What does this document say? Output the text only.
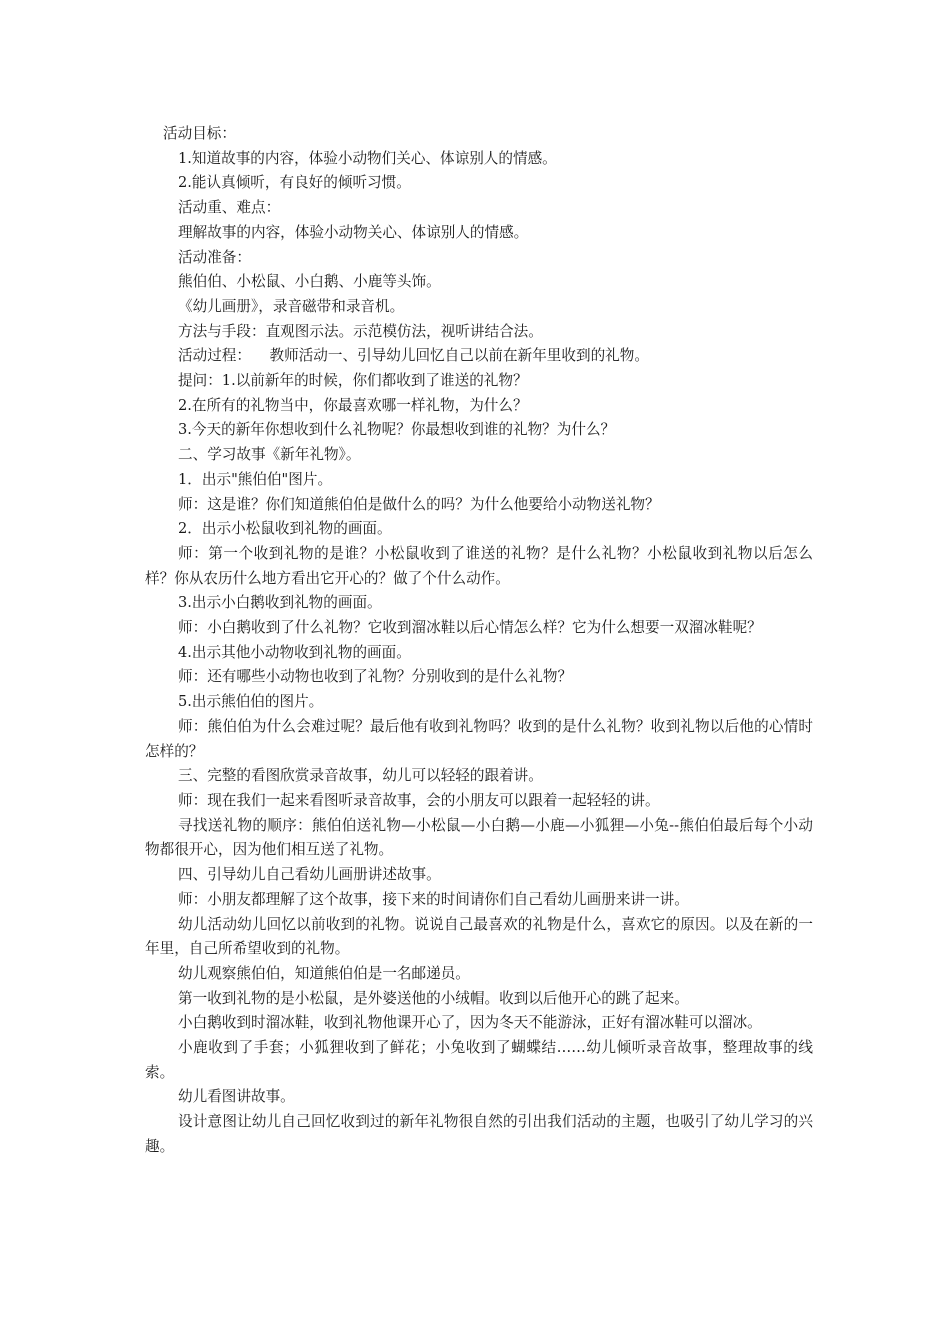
活动目标：

1.知道故事的内容，体验小动物们关心、体谅别人的情感。

2.能认真倾听，有良好的倾听习惯。

活动重、难点：

理解故事的内容，体验小动物关心、体谅别人的情感。

活动准备：

熊伯伯、小松鼠、小白鹅、小鹿等头饰。

《幼儿画册》，录音磁带和录音机。

方法与手段：直观图示法。示范模仿法，视听讲结合法。

活动过程：    教师活动一、引导幼儿回忆自己以前在新年里收到的礼物。

提问：1.以前新年的时候，你们都收到了谁送的礼物？

2.在所有的礼物当中，你最喜欢哪一样礼物，为什么？

3.今天的新年你想收到什么礼物呢？你最想收到谁的礼物？为什么？

二、学习故事《新年礼物》。

1．出示"熊伯伯"图片。

师：这是谁？你们知道熊伯伯是做什么的吗？为什么他要给小动物送礼物？

2．出示小松鼠收到礼物的画面。

师：第一个收到礼物的是谁？小松鼠收到了谁送的礼物？是什么礼物？小松鼠收到礼物以后怎么样？你从农历什么地方看出它开心的？做了个什么动作。

3.出示小白鹅收到礼物的画面。

师：小白鹅收到了什么礼物？它收到溜冰鞋以后心情怎么样？它为什么想要一双溜冰鞋呢？

4.出示其他小动物收到礼物的画面。

师：还有哪些小动物也收到了礼物？分别收到的是什么礼物？

5.出示熊伯伯的图片。

师：熊伯伯为什么会难过呢？最后他有收到礼物吗？收到的是什么礼物？收到礼物以后他的心情时怎样的？

三、完整的看图欣赏录音故事，幼儿可以轻轻的跟着讲。

师：现在我们一起来看图听录音故事，会的小朋友可以跟着一起轻轻的讲。

寻找送礼物的顺序：熊伯伯送礼物—小松鼠—小白鹅—小鹿—小狐狸—小兔--熊伯伯最后每个小动物都很开心，因为他们相互送了礼物。

四、引导幼儿自己看幼儿画册讲述故事。

师：小朋友都理解了这个故事，接下来的时间请你们自己看幼儿画册来讲一讲。

幼儿活动幼儿回忆以前收到的礼物。说说自己最喜欢的礼物是什么，喜欢它的原因。以及在新的一年里，自己所希望收到的礼物。

幼儿观察熊伯伯，知道熊伯伯是一名邮递员。

第一收到礼物的是小松鼠，是外婆送他的小绒帽。收到以后他开心的跳了起来。

小白鹅收到时溜冰鞋，收到礼物他课开心了，因为冬天不能游泳，正好有溜冰鞋可以溜冰。

小鹿收到了手套；小狐狸收到了鲜花；小兔收到了蝴蝶结……幼儿倾听录音故事，整理故事的线索。

幼儿看图讲故事。

设计意图让幼儿自己回忆收到过的新年礼物很自然的引出我们活动的主题，也吸引了幼儿学习的兴趣。
